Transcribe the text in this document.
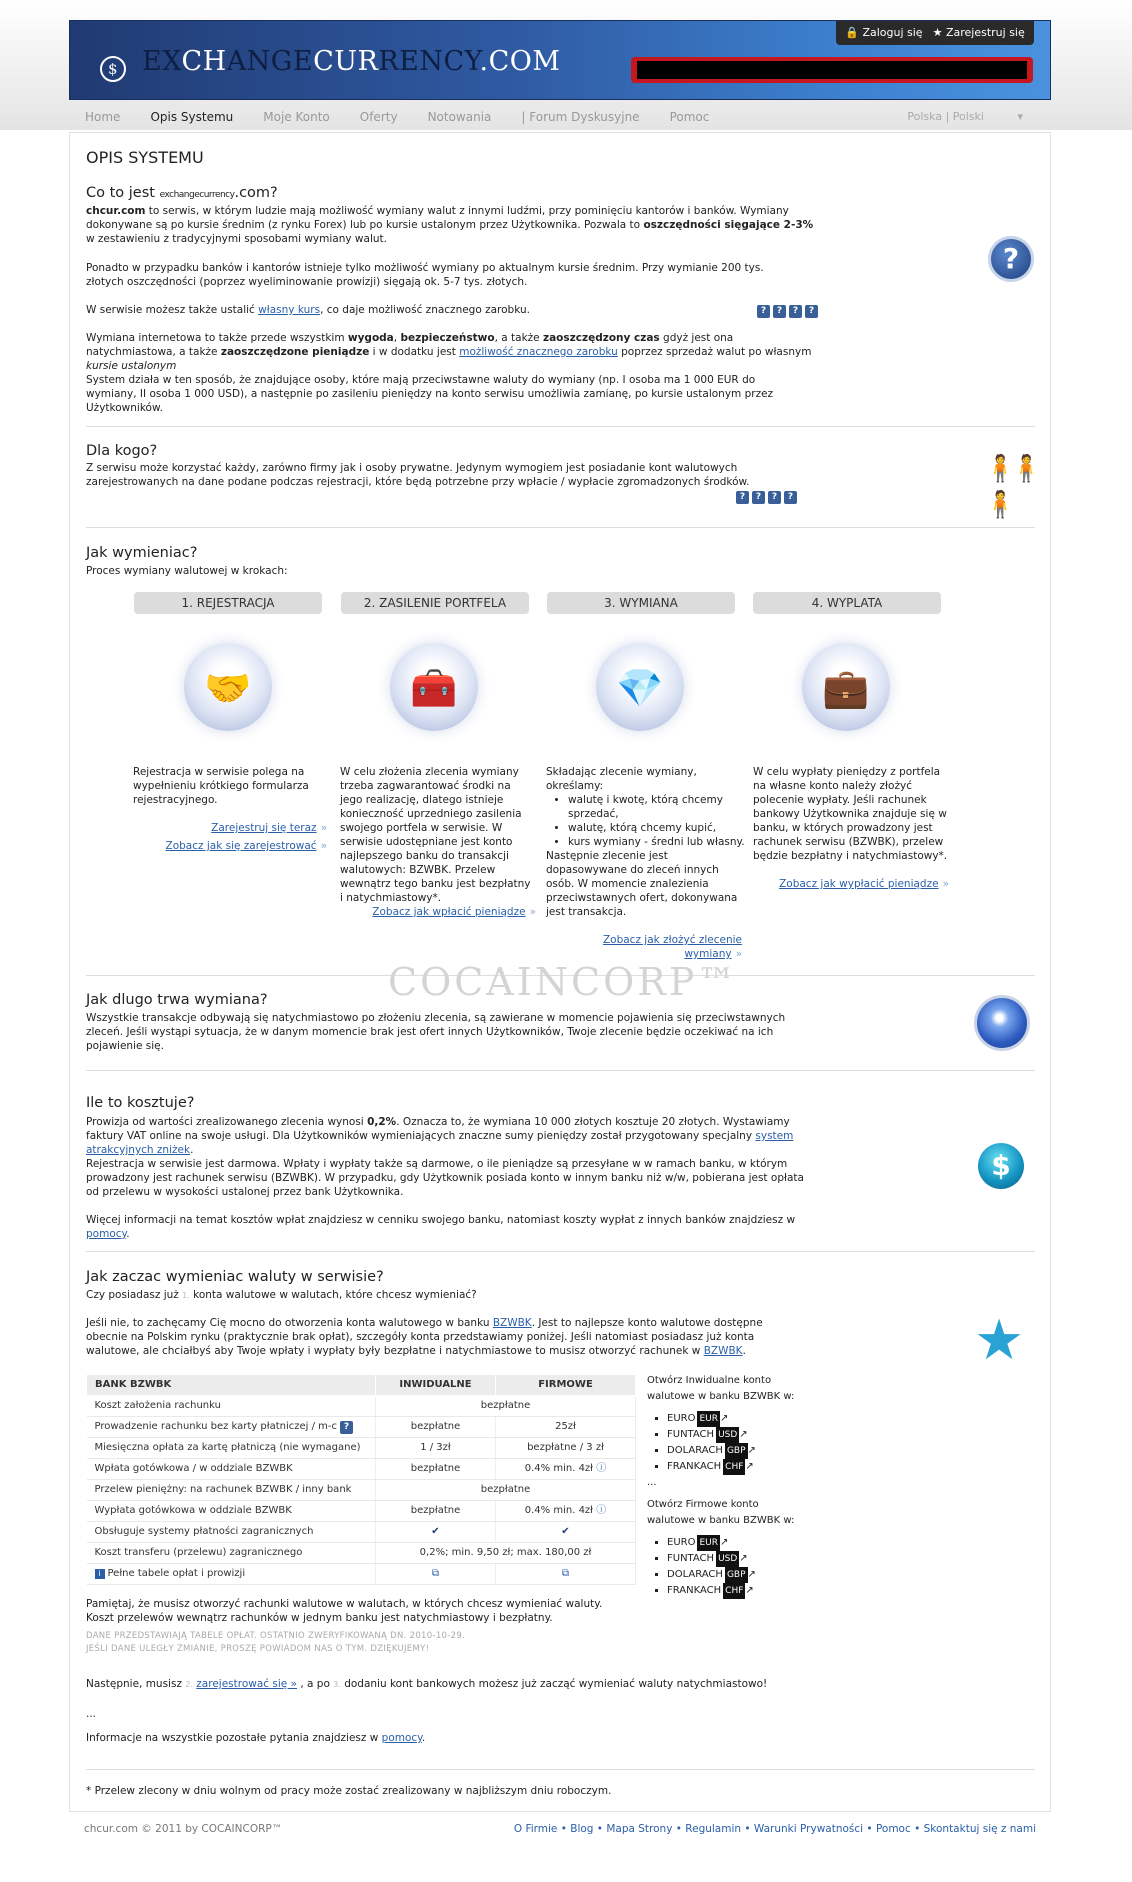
$ EXCHANGECURRENCY.COM
🔒 Zaloguj się ★ Zarejestruj się
Home	Opis Systemu	Moje Konto	Oferty	Notowania	| Forum Dyskusyjne	Pomoc	Polska | Polski	▾
OPIS SYSTEMU
Co to jest exchangecurrency.com?
chcur.com to serwis, w którym ludzie mają możliwość wymiany walut z innymi ludźmi, przy pominięciu kantorów i banków. Wymiany dokonywane są po kursie średnim (z rynku Forex) lub po kursie ustalonym przez Użytkownika. Pozwala to oszczędności sięgające 2-3% w zestawieniu z tradycyjnymi sposobami wymiany walut.
Ponadto w przypadku banków i kantorów istnieje tylko możliwość wymiany po aktualnym kursie średnim. Przy wymianie 200 tys. złotych oszczędności (poprzez wyeliminowanie prowizji) sięgają ok. 5-7 tys. złotych.
W serwisie możesz także ustalić własny kurs, co daje możliwość znacznego zarobku.	? ? ? ?
Wymiana internetowa to także przede wszystkim wygoda, bezpieczeństwo, a także zaoszczędzony czas gdyż jest ona natychmiastowa, a także zaoszczędzone pieniądze i w dodatku jest możliwość znacznego zarobku poprzez sprzedaż walut po własnym kursie ustalonym
System działa w ten sposób, że znajdujące osoby, które mają przeciwstawne waluty do wymiany (np. I osoba ma 1 000 EUR do wymiany, II osoba 1 000 USD), a następnie po zasileniu pieniędzy na konto serwisu umożliwia zamianę, po kursie ustalonym przez Użytkowników.
?
Dla kogo?
Z serwisu może korzystać każdy, zarówno firmy jak i osoby prywatne. Jedynym wymogiem jest posiadanie kont walutowych zarejestrowanych na dane podane podczas rejestracji, które będą potrzebne przy wpłacie / wypłacie zgromadzonych środków.
? ? ? ?
🧍🧍🧍
Jak wymieniac?
Proces wymiany walutowej w krokach:
1. REJESTRACJA	2. ZASILENIE PORTFELA	3. WYMIANA	4. WYPLATA
🤝	🧰	💎	💼
Rejestracja w serwisie polega na wypełnieniu krótkiego formularza rejestracyjnego.
Zarejestruj się teraz »
Zobacz jak się zarejestrować »
W celu złożenia zlecenia wymiany trzeba zagwarantować środki na jego realizację, dlatego istnieje konieczność uprzedniego zasilenia swojego portfela w serwisie. W serwisie udostępniane jest konto najlepszego banku do transakcji walutowych: BZWBK. Przelew wewnątrz tego banku jest bezpłatny i natychmiastowy*.
Zobacz jak wpłacić pieniądze »
Składając zlecenie wymiany, określamy:
• walutę i kwotę, którą chcemy sprzedać,
• walutę, którą chcemy kupić,
• kurs wymiany - średni lub własny.
Następnie zlecenie jest dopasowywane do zleceń innych osób. W momencie znalezienia przeciwstawnych ofert, dokonywana jest transakcja.
Zobacz jak złożyć zlecenie wymiany »
W celu wypłaty pieniędzy z portfela na własne konto należy złożyć polecenie wypłaty. Jeśli rachunek bankowy Użytkownika znajduje się w banku, w których prowadzony jest rachunek serwisu (BZWBK), przelew będzie bezpłatny i natychmiastowy*.
Zobacz jak wypłacić pieniądze »
Jak dlugo trwa wymiana?
Wszystkie transakcje odbywają się natychmiastowo po złożeniu zlecenia, są zawierane w momencie pojawienia się przeciwstawnych zleceń. Jeśli wystąpi sytuacja, że w danym momencie brak jest ofert innych Użytkowników, Twoje zlecenie będzie oczekiwać na ich pojawienie się.
Ile to kosztuje?
Prowizja od wartości zrealizowanego zlecenia wynosi 0,2%. Oznacza to, że wymiana 10 000 złotych kosztuje 20 złotych. Wystawiamy faktury VAT online na swoje usługi. Dla Użytkowników wymieniających znaczne sumy pieniędzy został przygotowany specjalny system atrakcyjnych zniżek.
Rejestracja w serwisie jest darmowa. Wpłaty i wypłaty także są darmowe, o ile pieniądze są przesyłane w w ramach banku, w którym prowadzony jest rachunek serwisu (BZWBK). W przypadku, gdy Użytkownik posiada konto w innym banku niż w/w, pobierana jest opłata od przelewu w wysokości ustalonej przez bank Użytkownika.
Więcej informacji na temat kosztów wpłat znajdziesz w cenniku swojego banku, natomiast koszty wypłat z innych banków znajdziesz w pomocy.
$
Jak zaczac wymieniac waluty w serwisie?
Czy posiadasz już 1. konta walutowe w walutach, które chcesz wymieniać?
Jeśli nie, to zachęcamy Cię mocno do otworzenia konta walutowego w banku BZWBK. Jest to najlepsze konto walutowe dostępne obecnie na Polskim rynku (praktycznie brak opłat), szczegóły konta przedstawiamy poniżej. Jeśli natomiast posiadasz już konta walutowe, ale chciałbyś aby Twoje wpłaty i wypłaty były bezpłatne i natychmiastowe to musisz otworzyć rachunek w BZWBK.	★
BANK BZWBK	INWIDUALNE	FIRMOWE
Koszt założenia rachunku	bezpłatne	
Prowadzenie rachunku bez karty płatniczej / m-c ?	bezpłatne	25zł
Miesięczna opłata za kartę płatniczą (nie wymagane)	1 / 3zł	bezpłatne / 3 zł
Wpłata gotówkowa / w oddziale BZWBK	bezpłatne	0.4% min. 4zł ⓘ
Przelew pieniężny: na rachunek BZWBK / inny bank	bezpłatne	
Wypłata gotówkowa w oddziale BZWBK	bezpłatne	0.4% min. 4zł ⓘ
Obsługuje systemy płatności zagranicznych	✔	✔
Koszt transferu (przelewu) zagranicznego	0,2%; min. 9,50 zł; max. 180,00 zł	
i Pełne tabele opłat i prowizji	⧉	⧉
Otwórz Inwidualne konto walutowe w banku BZWBK w:
▪ EURO EUR ↗
▪ FUNTACH USD ↗
▪ DOLARACH GBP ↗
▪ FRANKACH CHF ↗
...
Otwórz Firmowe konto walutowe w banku BZWBK w:
▪ EURO EUR ↗
▪ FUNTACH USD ↗
▪ DOLARACH GBP ↗
▪ FRANKACH CHF ↗
Pamiętaj, że musisz otworzyć rachunki walutowe w walutach, w których chcesz wymieniać waluty.
Koszt przelewów wewnątrz rachunków w jednym banku jest natychmiastowy i bezpłatny.
DANE PRZEDSTAWIAJĄ TABELE OPŁAT. OSTATNIO ZWERYFIKOWANĄ DN. 2010-10-29.
JEŚLI DANE ULEGŁY ZMIANIE, PROSZĘ POWIADOM NAS O TYM. DZIĘKUJEMY!
Następnie, musisz 2. zarejestrować się » , a po 3. dodaniu kont bankowych możesz już zacząć wymieniać waluty natychmiastowo!
...
Informacje na wszystkie pozostałe pytania znajdziesz w pomocy.
* Przelew zlecony w dniu wolnym od pracy może zostać zrealizowany w najbliższym dniu roboczym.
COCAINCORP™
chcur.com © 2011 by COCAINCORP™	O Firmie • Blog • Mapa Strony • Regulamin • Warunki Prywatności • Pomoc • Skontaktuj się z nami
